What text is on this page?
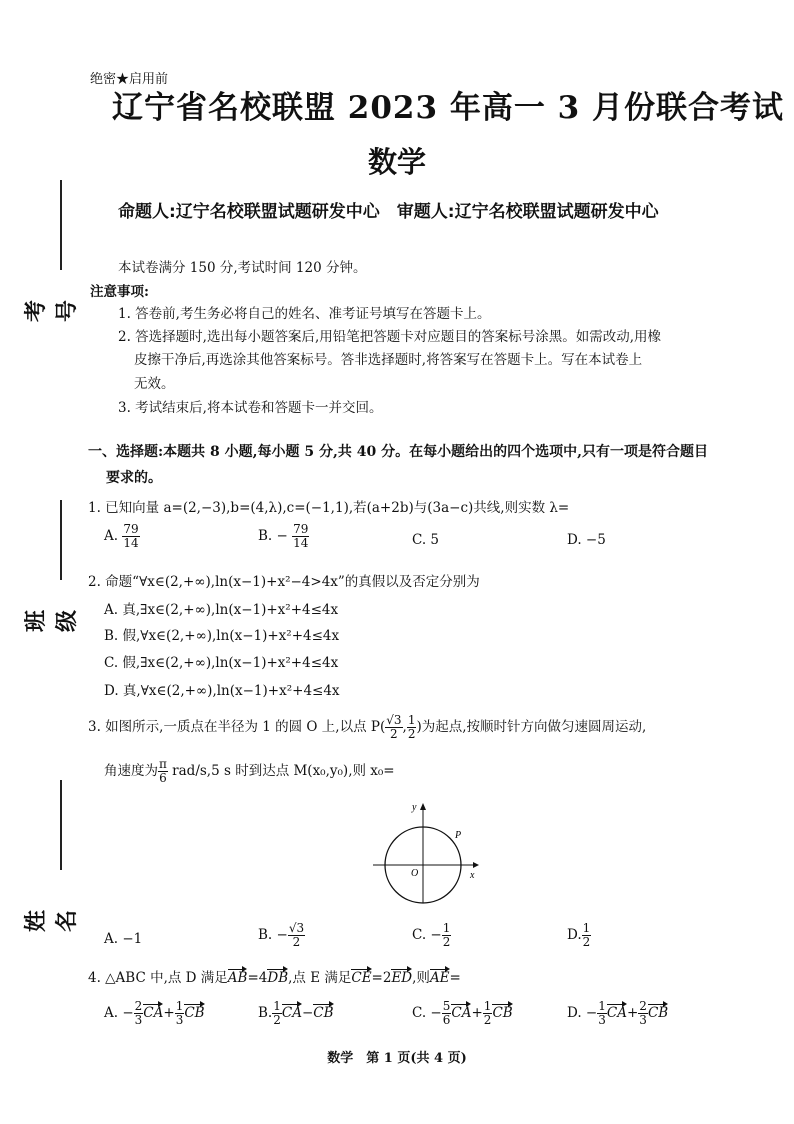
考号
班级
姓名
绝密★启用前
辽宁省名校联盟 2023 年高一 3 月份联合考试
数学
命题人:辽宁名校联盟试题研发中心　审题人:辽宁名校联盟试题研发中心
本试卷满分 150 分,考试时间 120 分钟。
注意事项:
1. 答卷前,考生务必将自己的姓名、准考证号填写在答题卡上。
2. 答选择题时,选出每小题答案后,用铅笔把答题卡对应题目的答案标号涂黑。如需改动,用橡
皮擦干净后,再选涂其他答案标号。答非选择题时,将答案写在答题卡上。写在本试卷上
无效。
3. 考试结束后,将本试卷和答题卡一并交回。
一、选择题:本题共 8 小题,每小题 5 分,共 40 分。在每小题给出的四个选项中,只有一项是符合题目
要求的。
1. 已知向量 a=(2,−3),b=(4,λ),c=(−1,1),若(a+2b)与(3a−c)共线,则实数 λ=
A. $\frac{79}{14}$	B. − $\frac{79}{14}$	C. 5	D. −5
2. 命题“∀x∈(2,+∞),ln(x−1)+x²−4>4x”的真假以及否定分别为
A. 真,∃x∈(2,+∞),ln(x−1)+x²+4≤4x
B. 假,∀x∈(2,+∞),ln(x−1)+x²+4≤4x
C. 假,∃x∈(2,+∞),ln(x−1)+x²+4≤4x
D. 真,∀x∈(2,+∞),ln(x−1)+x²+4≤4x
3. 如图所示,一质点在半径为 1 的圆 O 上,以点 $P( \frac{√3}{2}$ , $\frac{1}{2}$ )为起点,按顺时针方向做匀速圆周运动,
角速度为 $\frac{\pi}{6} rad/s,5$ s 时到达点 M(x₀,y₀),则 x₀=
y
x
O
P
A. −1	B. − $\frac{√3}{2}$	C. − $\frac{1}{2}$	D. $\frac{1}{2}$
4. △ABC 中,点 D 满足AB=4DB,点 E 满足CE=2ED,则AE=
A. − $\frac{2}{3} CA+ \frac{1}{3}$ CB	B. $\frac{1}{2} CA-CB$	C. − $\frac{5}{6} CA+ \frac{1}{2}$ CB	D. − $\frac{1}{3} CA+ \frac{2}{3}$ CB
数学　第 1 页(共 4 页)
